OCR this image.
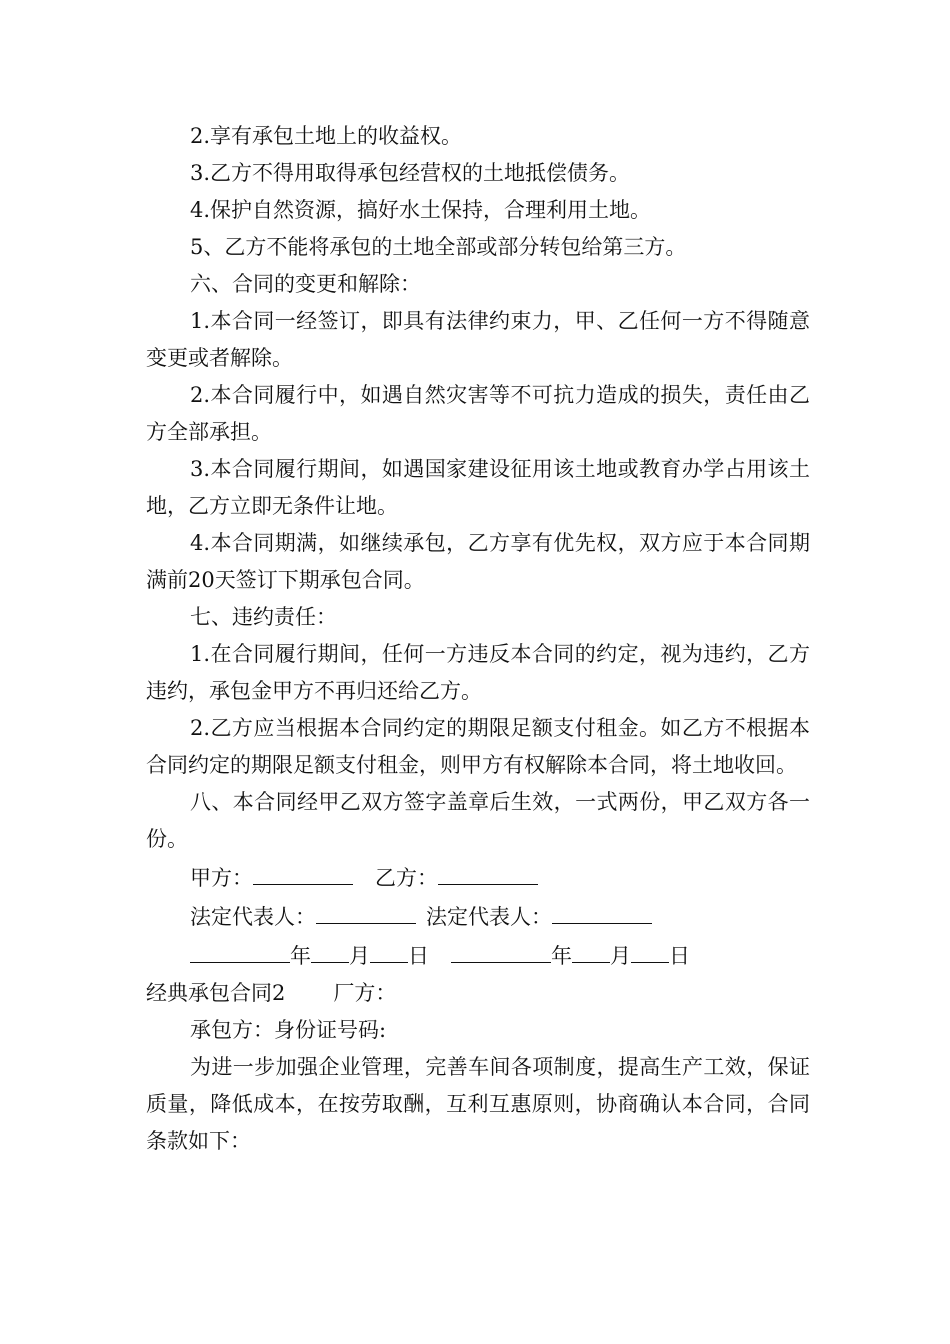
2.享有承包土地上的收益权。

3.乙方不得用取得承包经营权的土地抵偿债务。

4.保护自然资源，搞好水土保持，合理利用土地。

5、乙方不能将承包的土地全部或部分转包给第三方。

六、合同的变更和解除：

1.本合同一经签订，即具有法律约束力，甲、乙任何一方不得随意变更或者解除。

2.本合同履行中，如遇自然灾害等不可抗力造成的损失，责任由乙方全部承担。

3.本合同履行期间，如遇国家建设征用该土地或教育办学占用该土地，乙方立即无条件让地。

4.本合同期满，如继续承包，乙方享有优先权，双方应于本合同期满前20天签订下期承包合同。

七、违约责任：

1.在合同履行期间，任何一方违反本合同的约定，视为违约，乙方违约，承包金甲方不再归还给乙方。

2.乙方应当根据本合同约定的期限足额支付租金。如乙方不根据本合同约定的期限足额支付租金，则甲方有权解除本合同，将土地收回。

八、本合同经甲乙双方签字盖章后生效，一式两份，甲乙双方各一份。

甲方：	乙方：

法定代表人：	法定代表人：

年 月 日	年 月 日

经典承包合同2 厂方：

承包方：身份证号码:

为进一步加强企业管理，完善车间各项制度，提高生产工效，保证质量，降低成本，在按劳取酬，互利互惠原则，协商确认本合同，合同条款如下：
